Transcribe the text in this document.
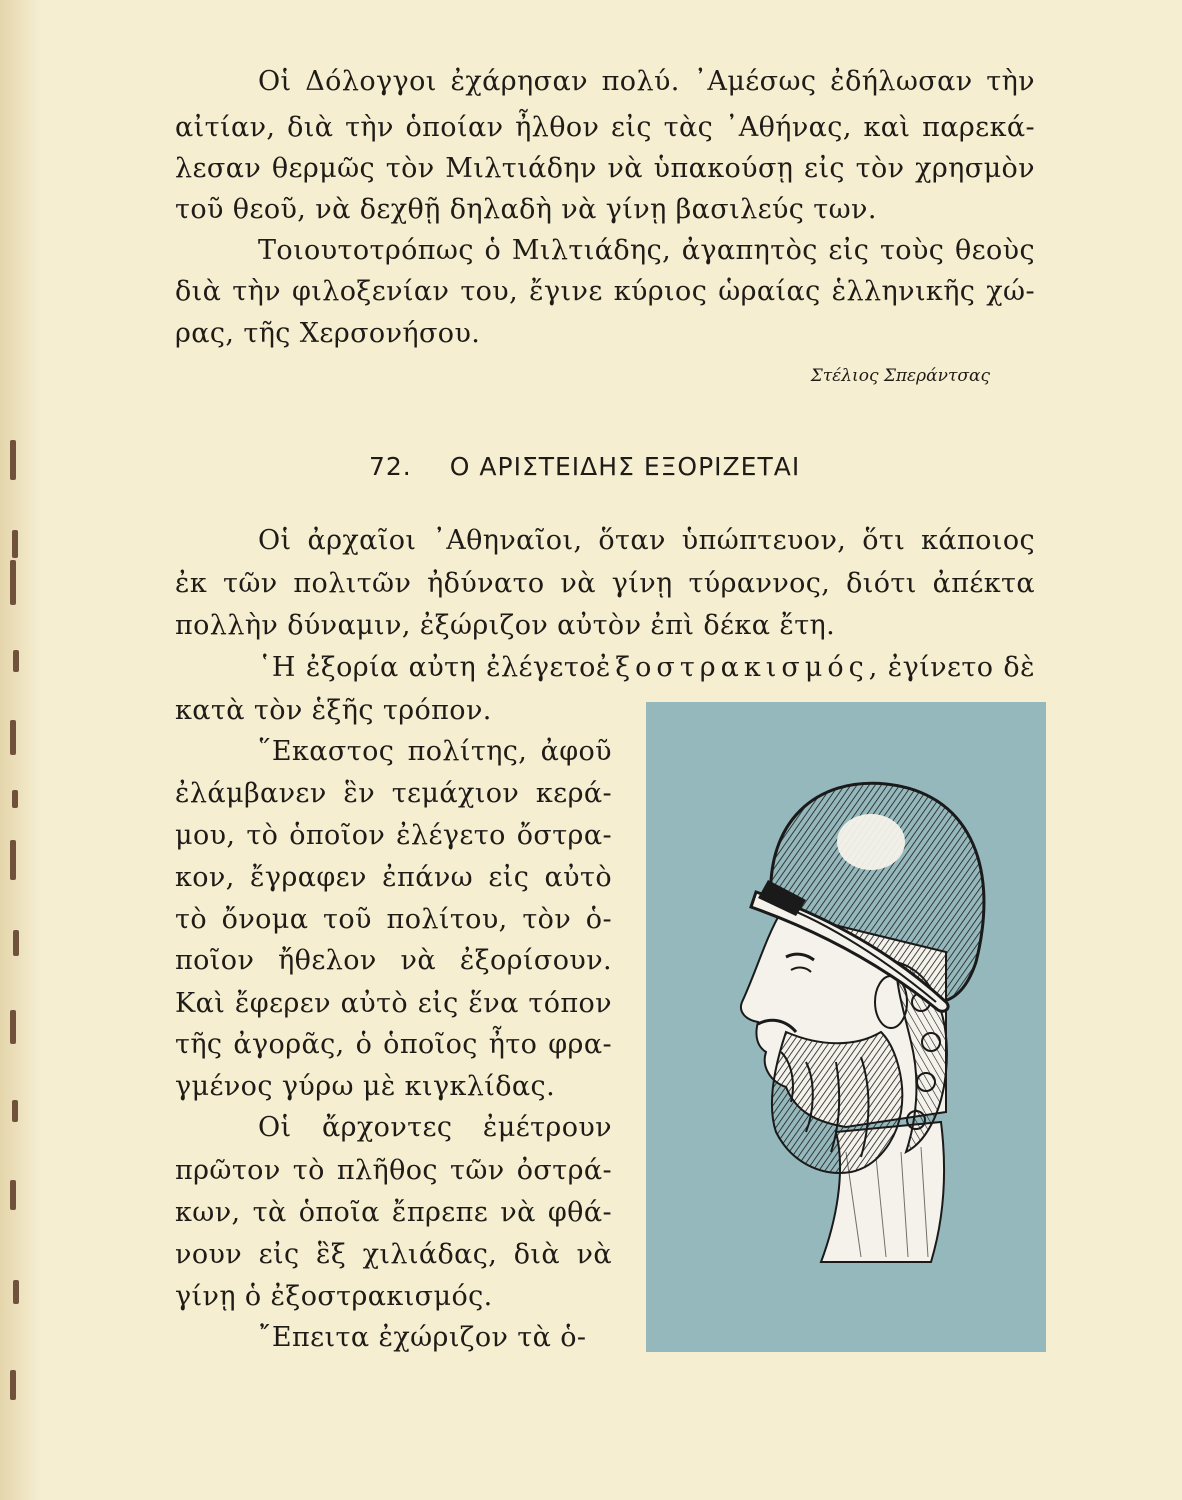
Οἱ Δόλογγοι ἐχάρησαν πολύ. ᾿Αμέσως ἐδήλωσαν τὴν
αἰτίαν, διὰ τὴν ὁποίαν ἦλθον εἰς τὰς ᾿Αθήνας, καὶ παρεκά-
λεσαν θερμῶς τὸν Μιλτιάδην νὰ ὑπακούσῃ εἰς τὸν χρησμὸν
τοῦ θεοῦ, νὰ δεχθῇ δηλαδὴ νὰ γίνῃ βασιλεύς των.
Τοιουτοτρόπως ὁ Μιλτιάδης, ἀγαπητὸς εἰς τοὺς θεοὺς
διὰ τὴν φιλοξενίαν του, ἔγινε κύριος ὡραίας ἑλληνικῆς χώ-
ρας, τῆς Χερσονήσου.
Στέλιος Σπεράντσας
72. Ο ΑΡΙΣΤΕΙΔΗΣ ΕΞΟΡΙΖΕΤΑΙ
Οἱ ἀρχαῖοι ᾿Αθηναῖοι, ὅταν ὑπώπτευον, ὅτι κάποιος
ἐκ τῶν πολιτῶν ἠδύνατο νὰ γίνῃ τύραννος, διότι ἀπέκτα
πολλὴν δύναμιν, ἐξώριζον αὐτὸν ἐπὶ δέκα ἔτη.
῾Η ἐξορία αὐτη ἐλέγετοἐξοστρακισμός, ἐγίνετο δὲ
κατὰ τὸν ἑξῆς τρόπον.
῞Εκαστος πολίτης, ἀφοῦ
ἐλάμβανεν ἓν τεμάχιον κερά-
μου, τὸ ὁποῖον ἐλέγετο ὄστρα-
κον, ἔγραφεν ἐπάνω εἰς αὐτὸ
τὸ ὄνομα τοῦ πολίτου, τὸν ὁ-
ποῖον ἤθελον νὰ ἐξορίσουν.
Καὶ ἔφερεν αὐτὸ εἰς ἕνα τόπον
τῆς ἀγορᾶς, ὁ ὁποῖος ἦτο φρα-
γμένος γύρω μὲ κιγκλίδας.
Οἱ ἄρχοντες ἐμέτρουν
πρῶτον τὸ πλῆθος τῶν ὀστρά-
κων, τὰ ὁποῖα ἔπρεπε νὰ φθά-
νουν εἰς ἓξ χιλιάδας, διὰ νὰ
γίνῃ ὁ ἐξοστρακισμός.
῎Επειτα ἐχώριζον τὰ ὁ-
